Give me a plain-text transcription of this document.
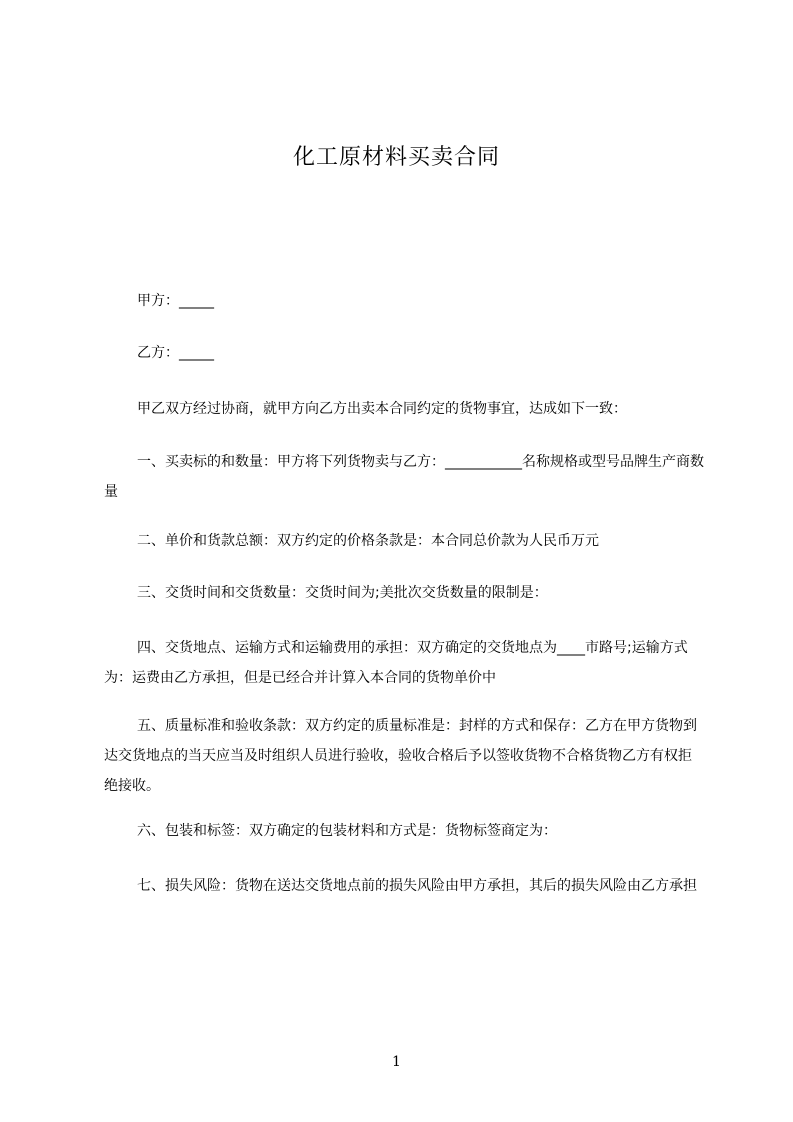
化工原材料买卖合同
甲方：_____
乙方：_____
甲乙双方经过协商，就甲方向乙方出卖本合同约定的货物事宜，达成如下一致：
一、买卖标的和数量：甲方将下列货物卖与乙方：___________名称规格或型号品牌生产商数量
二、单价和货款总额：双方约定的价格条款是：本合同总价款为人民币万元
三、交货时间和交货数量：交货时间为;美批次交货数量的限制是：
四、交货地点、运输方式和运输费用的承担：双方确定的交货地点为____市路号;运输方式为：运费由乙方承担，但是已经合并计算入本合同的货物单价中
五、质量标准和验收条款：双方约定的质量标准是：封样的方式和保存：乙方在甲方货物到达交货地点的当天应当及时组织人员进行验收，验收合格后予以签收货物不合格货物乙方有权拒绝接收。
六、包装和标签：双方确定的包装材料和方式是：货物标签商定为：
七、损失风险：货物在送达交货地点前的损失风险由甲方承担，其后的损失风险由乙方承担
1
